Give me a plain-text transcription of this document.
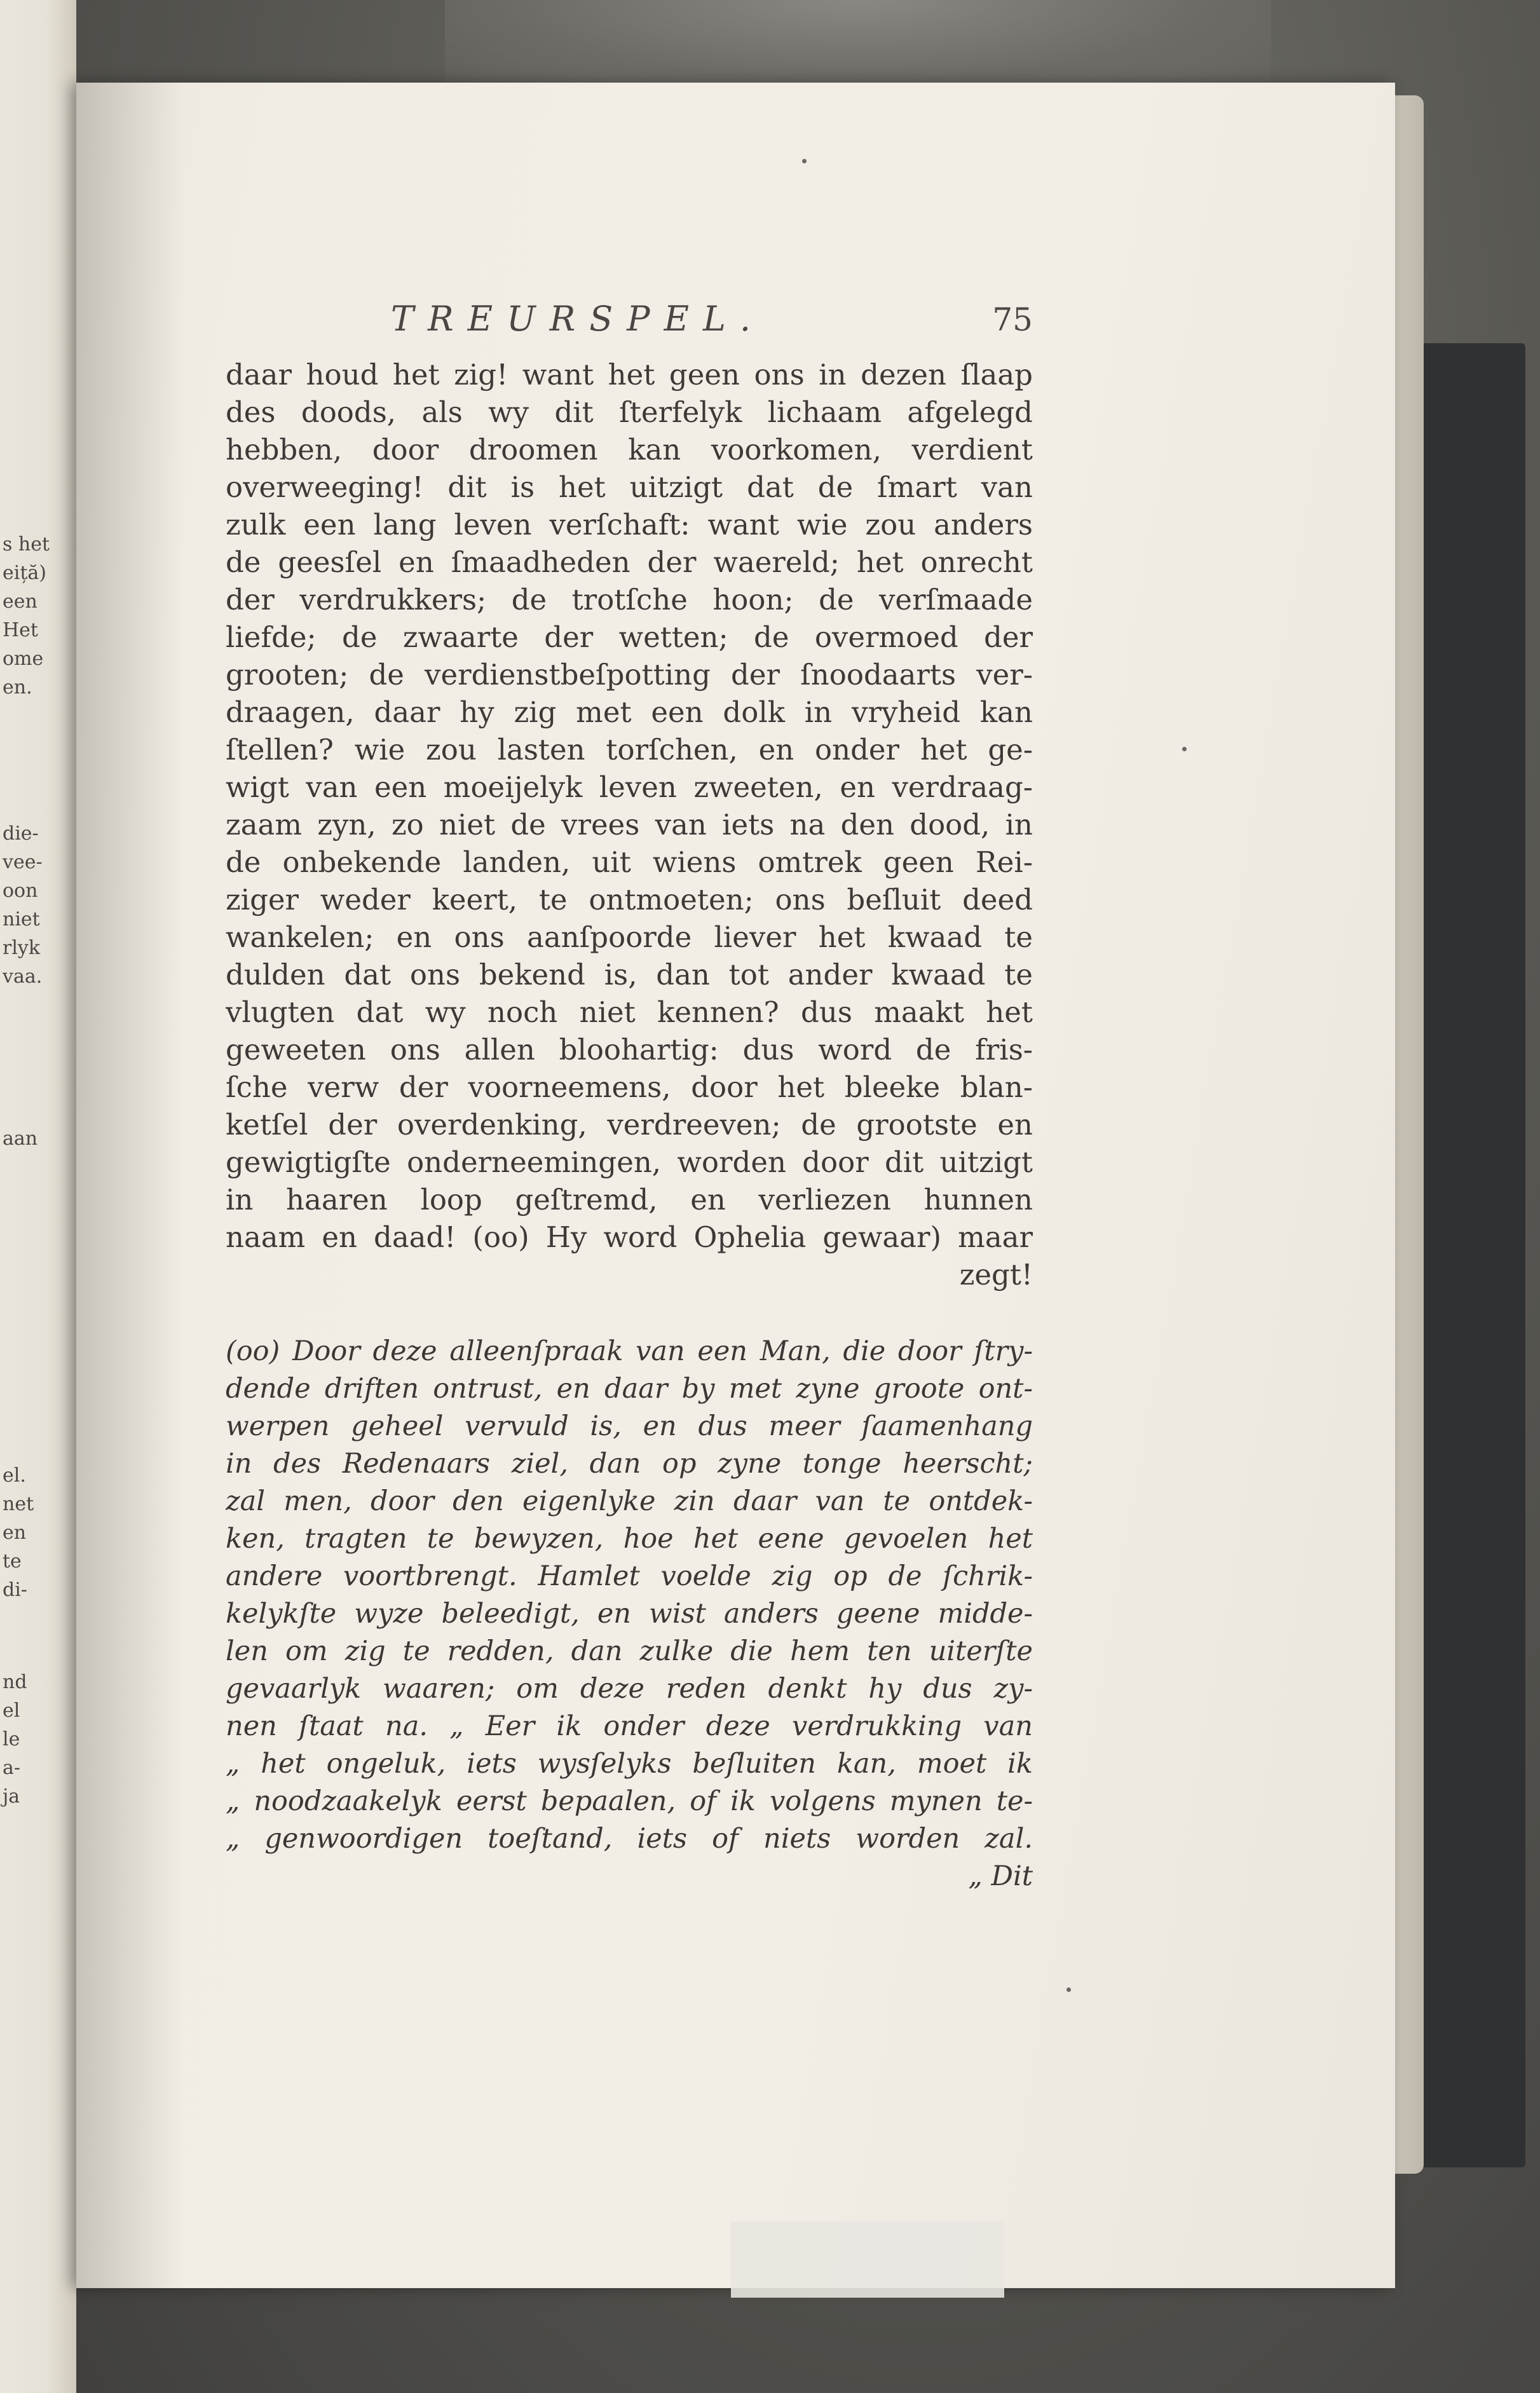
s het
eiță)
een
Het
ome
en.
die-
vee-
oon
niet
rlyk
vaa.
aan
el.
net
en
te
di-
nd
el
le
a-
ja
TREURSPEL.	75
daar houd het zig! want het geen ons in dezen ſlaap
des doods, als wy dit ſterfelyk lichaam afgelegd
hebben, door droomen kan voorkomen, verdient
overweeging! dit is het uitzigt dat de ſmart van
zulk een lang leven verſchaft: want wie zou anders
de geesſel en ſmaadheden der waereld; het onrecht
der verdrukkers; de trotſche hoon; de verſmaade
liefde; de zwaarte der wetten; de overmoed der
grooten; de verdienstbeſpotting der ſnoodaarts ver-
draagen, daar hy zig met een dolk in vryheid kan
ſtellen? wie zou lasten torſchen, en onder het ge-
wigt van een moeijelyk leven zweeten, en verdraag-
zaam zyn, zo niet de vrees van iets na den dood, in
de onbekende landen, uit wiens omtrek geen Rei-
ziger weder keert, te ontmoeten; ons beſluit deed
wankelen; en ons aanſpoorde liever het kwaad te
dulden dat ons bekend is, dan tot ander kwaad te
vlugten dat wy noch niet kennen? dus maakt het
geweeten ons allen bloohartig: dus word de fris-
ſche verw der voorneemens, door het bleeke blan-
ketſel der overdenking, verdreeven; de grootste en
gewigtigſte onderneemingen, worden door dit uitzigt
in haaren loop geſtremd, en verliezen hunnen
naam en daad! (oo) Hy word Ophelia gewaar) maar
zegt!
(oo) Door deze alleenſpraak van een Man, die door ſtry-
dende driften ontrust, en daar by met zyne groote ont-
werpen geheel vervuld is, en dus meer ſaamenhang
in des Redenaars ziel, dan op zyne tonge heerscht;
zal men, door den eigenlyke zin daar van te ontdek-
ken, tragten te bewyzen, hoe het eene gevoelen het
andere voortbrengt. Hamlet voelde zig op de ſchrik-
kelykſte wyze beleedigt, en wist anders geene midde-
len om zig te redden, dan zulke die hem ten uiterſte
gevaarlyk waaren; om deze reden denkt hy dus zy-
nen ſtaat na. „ Eer ik onder deze verdrukking van
„ het ongeluk, iets wysſelyks beſluiten kan, moet ik
„ noodzaakelyk eerst bepaalen, of ik volgens mynen te-
„ genwoordigen toeſtand, iets of niets worden zal.
„ Dit
